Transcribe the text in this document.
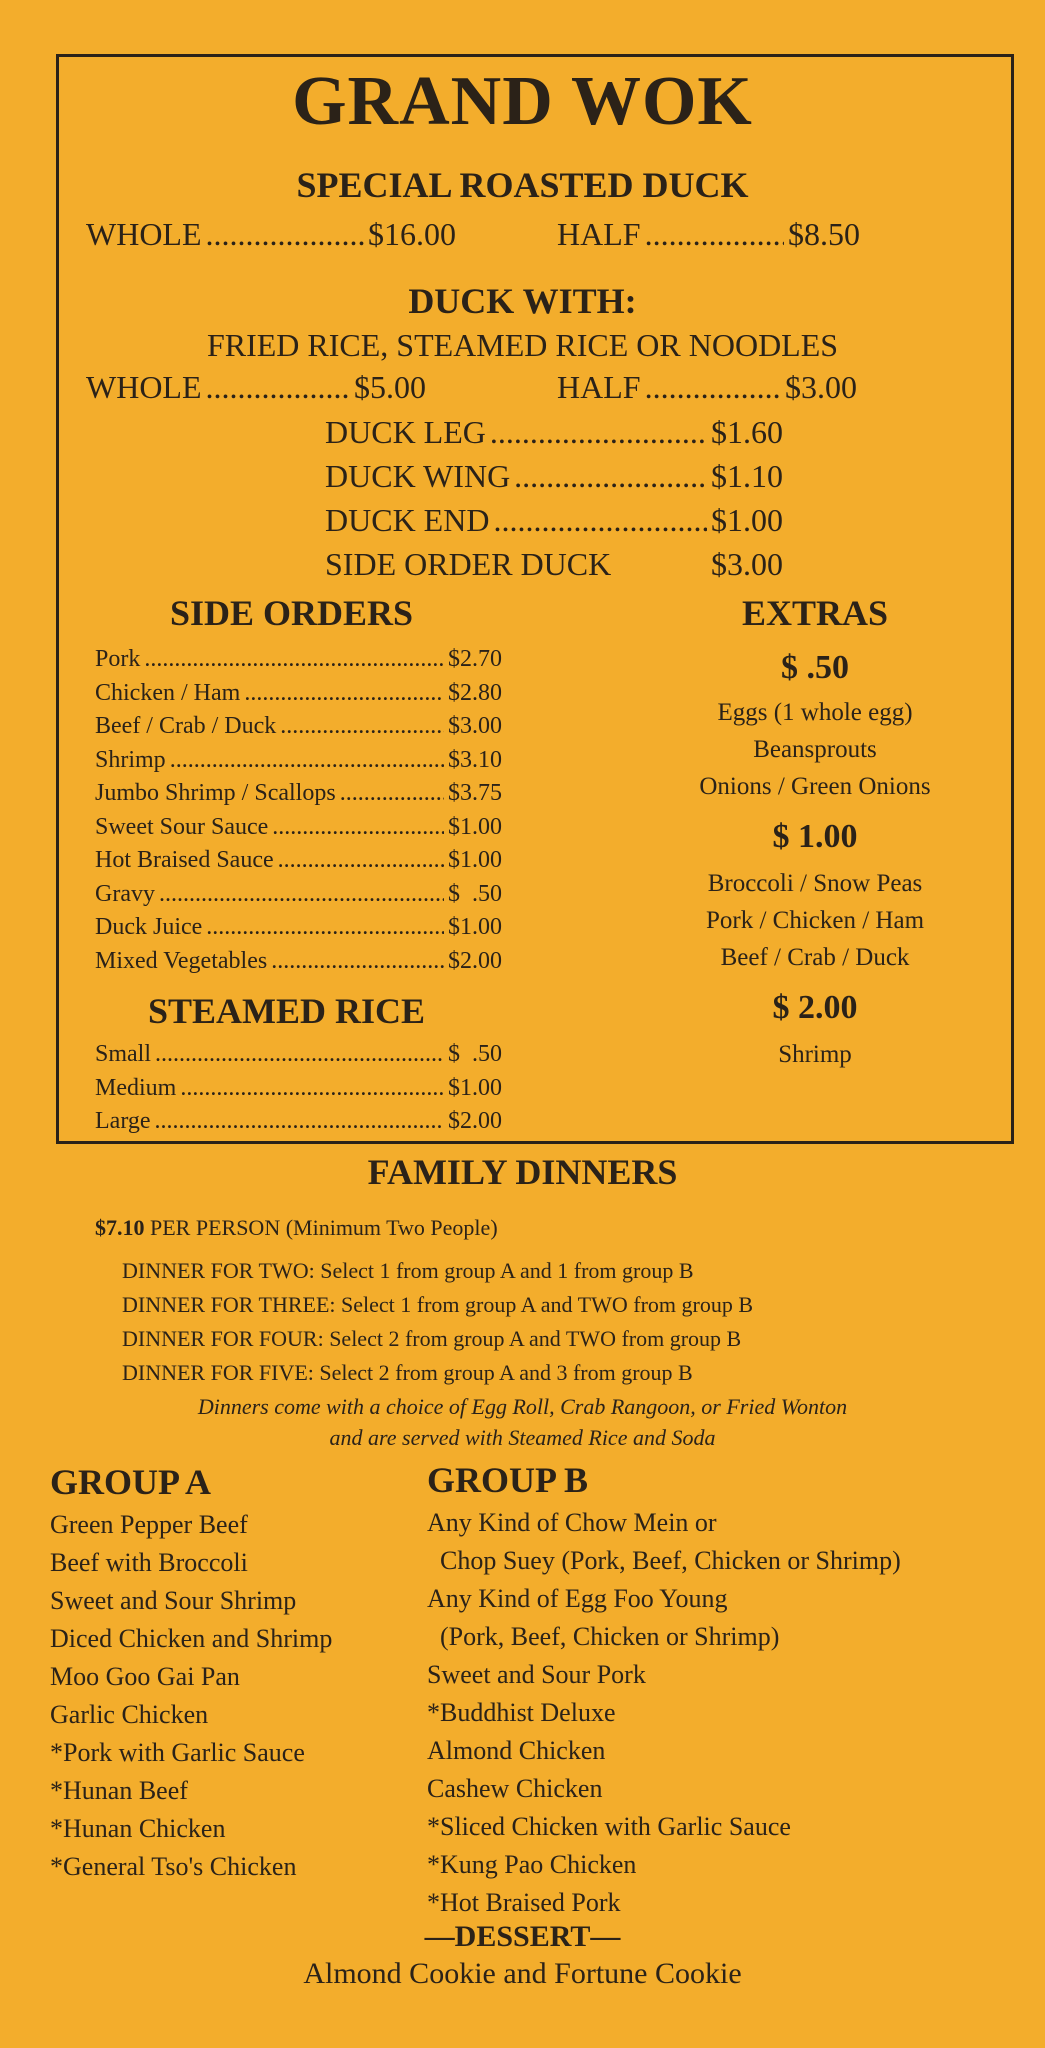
GRAND WOK
SPECIAL ROASTED DUCK
WHOLE .....	$16.00	HALF .....	$8.50
DUCK WITH:
FRIED RICE, STEAMED RICE OR NOODLES
WHOLE .....	$5.00	HALF .....	$3.00
DUCK LEG .....	$1.60
DUCK WING .....	$1.10
DUCK END .....	$1.00
SIDE ORDER DUCK	$3.00
SIDE ORDERS
Pork .....	$2.70
Chicken / Ham .....	$2.80
Beef / Crab / Duck .....	$3.00
Shrimp .....	$3.10
Jumbo Shrimp / Scallops .....	$3.75
Sweet Sour Sauce .....	$1.00
Hot Braised Sauce .....	$1.00
Gravy .....	$  .50
Duck Juice .....	$1.00
Mixed Vegetables .....	$2.00
STEAMED RICE
Small .....	$  .50
Medium .....	$1.00
Large .....	$2.00
EXTRAS
$ .50
Eggs (1 whole egg)
Beansprouts
Onions / Green Onions
$ 1.00
Broccoli / Snow Peas
Pork / Chicken / Ham
Beef / Crab / Duck
$ 2.00
Shrimp
FAMILY DINNERS
$7.10 PER PERSON (Minimum Two People)
DINNER FOR TWO: Select 1 from group A and 1 from group B
DINNER FOR THREE: Select 1 from group A and TWO from group B
DINNER FOR FOUR: Select 2 from group A and TWO from group B
DINNER FOR FIVE: Select 2 from group A and 3 from group B
Dinners come with a choice of Egg Roll, Crab Rangoon, or Fried Wonton
and are served with Steamed Rice and Soda
GROUP A
Green Pepper Beef
Beef with Broccoli
Sweet and Sour Shrimp
Diced Chicken and Shrimp
Moo Goo Gai Pan
Garlic Chicken
*Pork with Garlic Sauce
*Hunan Beef
*Hunan Chicken
*General Tso's Chicken
GROUP B
Any Kind of Chow Mein or
Chop Suey (Pork, Beef, Chicken or Shrimp)
Any Kind of Egg Foo Young
(Pork, Beef, Chicken or Shrimp)
Sweet and Sour Pork
*Buddhist Deluxe
Almond Chicken
Cashew Chicken
*Sliced Chicken with Garlic Sauce
*Kung Pao Chicken
*Hot Braised Pork
—DESSERT—
Almond Cookie and Fortune Cookie
